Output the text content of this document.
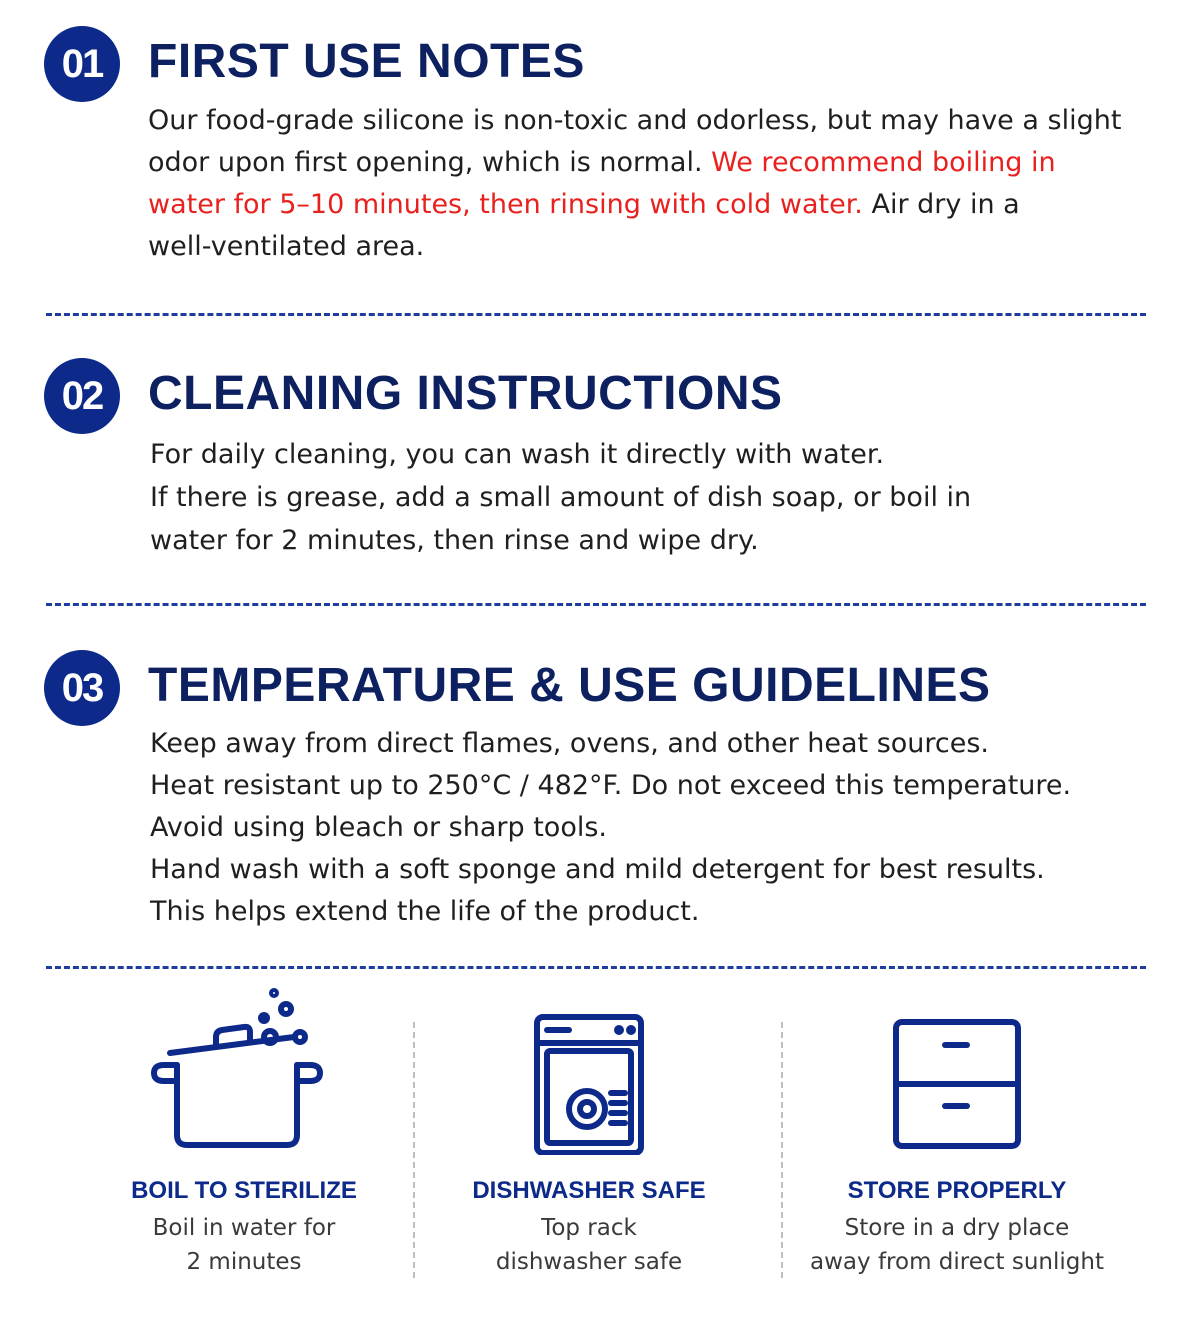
01 FIRST USE NOTES

Our food-grade silicone is non-toxic and odorless, but may have a slight
odor upon first opening, which is normal. We recommend boiling in
water for 5–10 minutes, then rinsing with cold water. Air dry in a
well-ventilated area.

02 CLEANING INSTRUCTIONS

For daily cleaning, you can wash it directly with water.
If there is grease, add a small amount of dish soap, or boil in
water for 2 minutes, then rinse and wipe dry.

03 TEMPERATURE & USE GUIDELINES

Keep away from direct flames, ovens, and other heat sources.
Heat resistant up to 250°C / 482°F. Do not exceed this temperature.
Avoid using bleach or sharp tools.
Hand wash with a soft sponge and mild detergent for best results.
This helps extend the life of the product.

BOIL TO STERILIZE
Boil in water for
2 minutes
DISHWASHER SAFE
Top rack
dishwasher safe
STORE PROPERLY
Store in a dry place
away from direct sunlight
